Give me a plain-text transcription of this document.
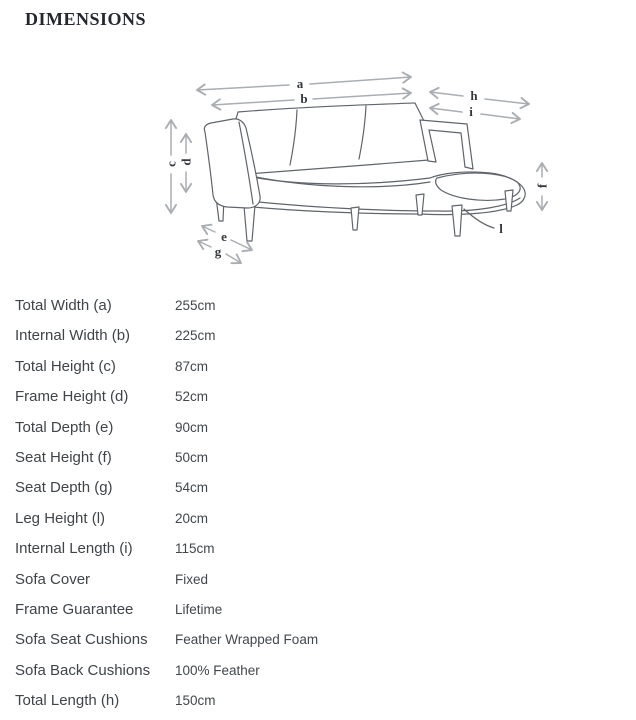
DIMENSIONS
a
b	h
i
c d
f
e
g
l
Total Width (a)	255cm
Internal Width (b)	225cm
Total Height (c)	87cm
Frame Height (d)	52cm
Total Depth (e)	90cm
Seat Height (f)	50cm
Seat Depth (g)	54cm
Leg Height (l)	20cm
Internal Length (i)	115cm
Sofa Cover	Fixed
Frame Guarantee	Lifetime
Sofa Seat Cushions	Feather Wrapped Foam
Sofa Back Cushions	100% Feather
Total Length (h)	150cm
